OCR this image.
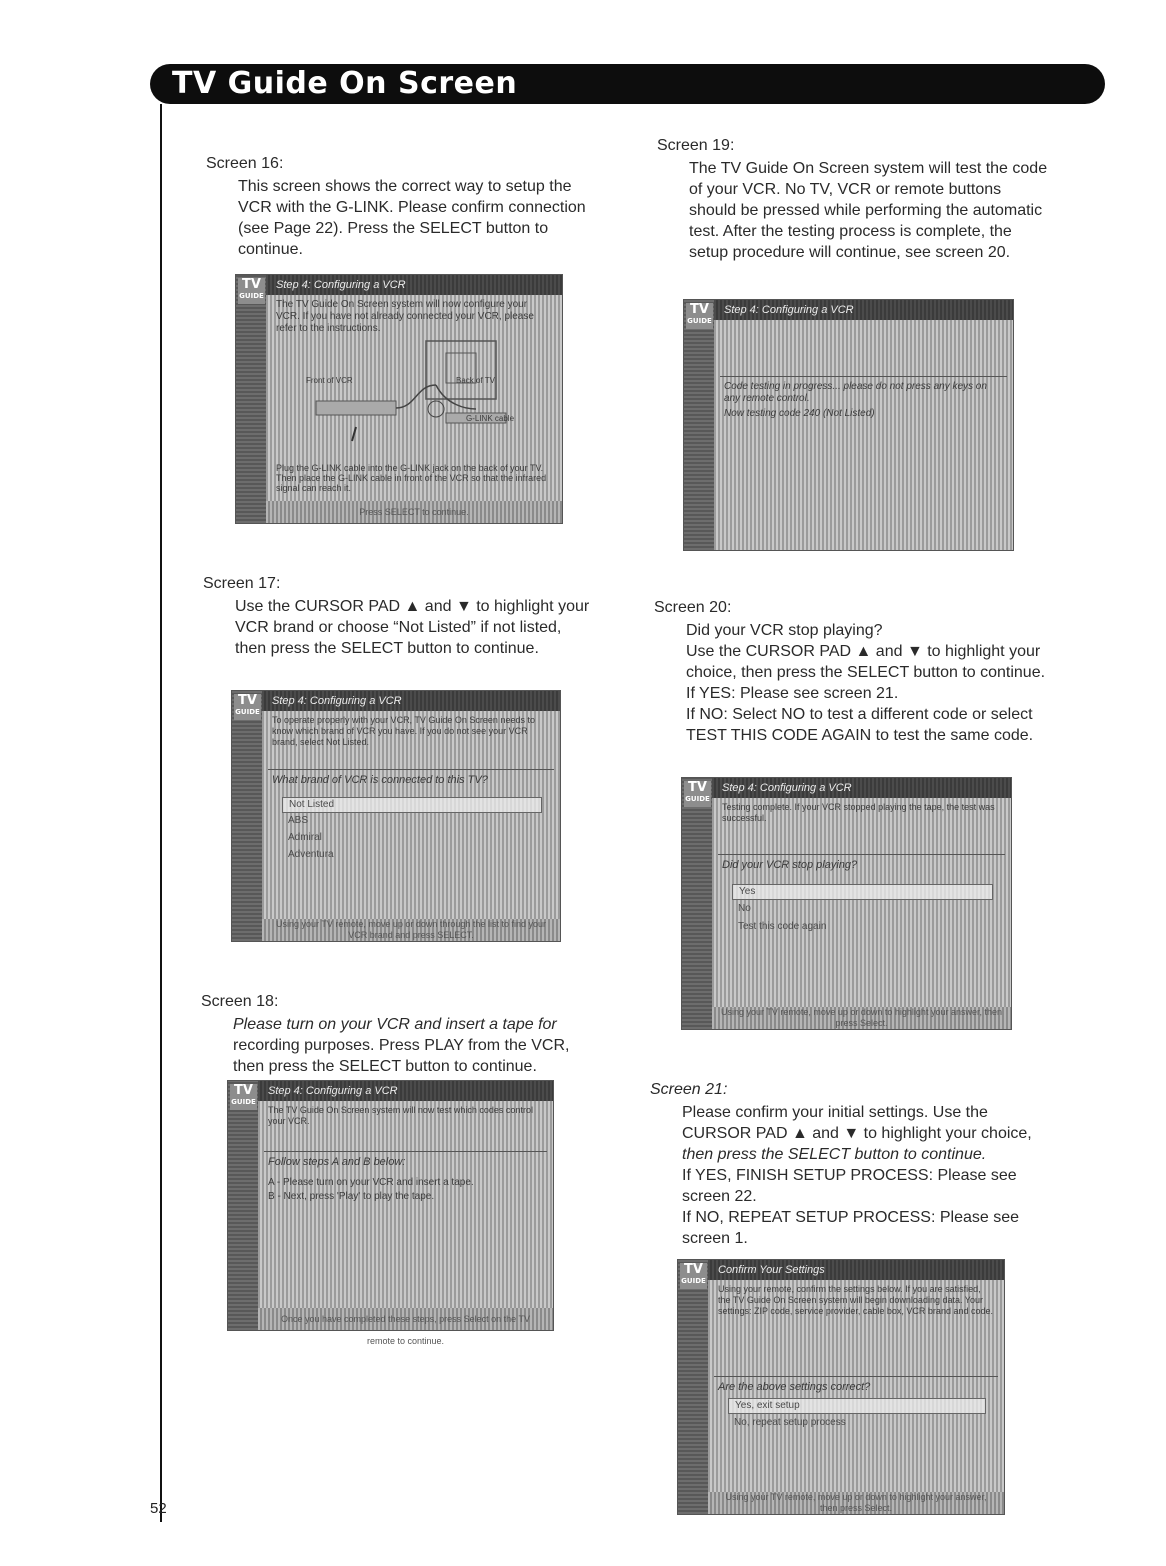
TV Guide On Screen
Screen 16:

This screen shows the correct way to setup the

VCR with the G-LINK. Please confirm connection

(see Page 22). Press the SELECT button to

continue.

TV
GUIDE
Step 4: Configuring a VCR
The TV Guide On Screen system will now configure your VCR. If you have not already connected your VCR, please refer to the instructions.
Front of VCR	Back of TV
G-LINK cable
Plug the G-LINK cable into the G-LINK jack on the back of your TV. Then place the G-LINK cable in front of the VCR so that the infrared signal can reach it.
Press SELECT to continue.
Screen 17:

Use the CURSOR PAD ▲ and ▼ to highlight your

VCR brand or choose “Not Listed” if not listed,

then press the SELECT button to continue.

TV
GUIDE
Step 4: Configuring a VCR
To operate properly with your VCR, TV Guide On Screen needs to know which brand of VCR you have. If you do not see your VCR brand, select Not Listed.
What brand of VCR is connected to this TV?
Not Listed
ABS
Admiral
Adventura
Using your TV remote, move up or down through the list to find your VCR brand and press SELECT.
Screen 18:

Please turn on your VCR and insert a tape for

recording purposes. Press PLAY from the VCR,

then press the SELECT button to continue.

TV
GUIDE
Step 4: Configuring a VCR
The TV Guide On Screen system will now test which codes control your VCR.
Follow steps A and B below:
A - Please turn on your VCR and insert a tape.
B - Next, press 'Play' to play the tape.
Once you have completed these steps, press Select on the TV remote to continue.
Screen 19:

The TV Guide On Screen system will test the code

of your VCR. No TV, VCR or remote buttons

should be pressed while performing the automatic

test. After the testing process is complete, the

setup procedure will continue, see screen 20.

TV
GUIDE
Step 4: Configuring a VCR
Code testing in progress... please do not press any keys on any remote control.
Now testing code 240 (Not Listed)
Screen 20:

Did your VCR stop playing?

Use the CURSOR PAD ▲ and ▼ to highlight your

choice, then press the SELECT button to continue.

If YES: Please see screen 21.

If NO: Select NO to test a different code or select

TEST THIS CODE AGAIN to test the same code.

TV
GUIDE
Step 4: Configuring a VCR
Testing complete. If your VCR stopped playing the tape, the test was successful.
Did your VCR stop playing?
Yes
No
Test this code again
Using your TV remote, move up or down to highlight your answer, then press Select.
Screen 21:

Please confirm your initial settings. Use the

CURSOR PAD ▲ and ▼ to highlight your choice,

then press the SELECT button to continue.

If YES, FINISH SETUP PROCESS: Please see

screen 22.

If NO, REPEAT SETUP PROCESS: Please see

screen 1.

TV
GUIDE
Confirm Your Settings
Using your remote, confirm the settings below. If you are satisfied, the TV Guide On Screen system will begin downloading data. Your settings: ZIP code, service provider, cable box, VCR brand and code.
Are the above settings correct?
Yes, exit setup
No, repeat setup process
Using your TV remote, move up or down to highlight your answer, then press Select.
52
